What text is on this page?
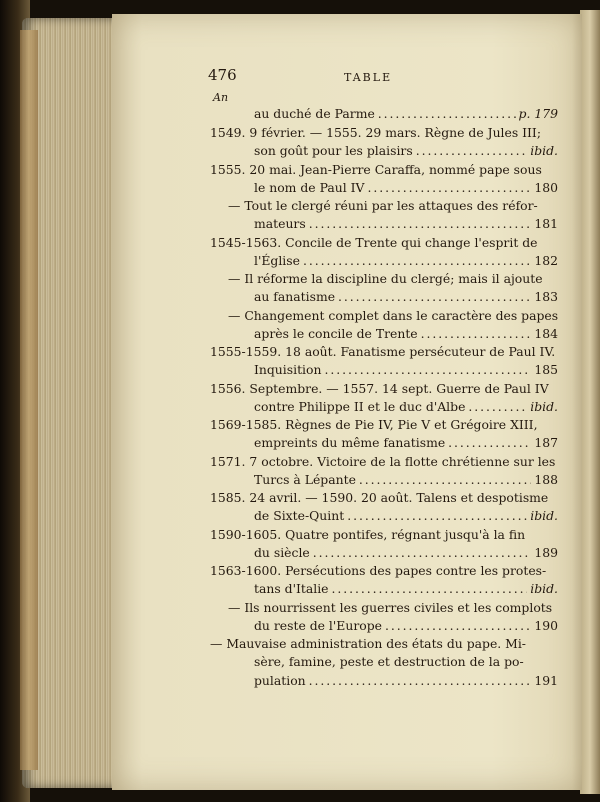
476	TABLE
An
au duché de Parme . . .	p. 179
1549. 9 février. — 1555. 29 mars. Règne de Jules III;
son goût pour les plaisirs . . .	ibid.
1555. 20 mai. Jean-Pierre Caraffa, nommé pape sous
le nom de Paul IV . . .	180
— Tout le clergé réuni par les attaques des réfor-
mateurs . . .	181
1545-1563. Concile de Trente qui change l'esprit de
l'Église . . .	182
— Il réforme la discipline du clergé; mais il ajoute
au fanatisme . . .	183
— Changement complet dans le caractère des papes
après le concile de Trente . . .	184
1555-1559. 18 août. Fanatisme persécuteur de Paul IV.
Inquisition . . .	185
1556. Septembre. — 1557. 14 sept. Guerre de Paul IV
contre Philippe II et le duc d'Albe . . .	ibid.
1569-1585. Règnes de Pie IV, Pie V et Grégoire XIII,
empreints du même fanatisme . . .	187
1571. 7 octobre. Victoire de la flotte chrétienne sur les
Turcs à Lépante . . .	188
1585. 24 avril. — 1590. 20 août. Talens et despotisme
de Sixte-Quint . . .	ibid.
1590-1605. Quatre pontifes, régnant jusqu'à la fin
du siècle . . .	189
1563-1600. Persécutions des papes contre les protes-
tans d'Italie . . .	ibid.
— Ils nourrissent les guerres civiles et les complots
du reste de l'Europe . . .	190
— Mauvaise administration des états du pape. Mi-
sère, famine, peste et destruction de la po-
pulation . . .	191
